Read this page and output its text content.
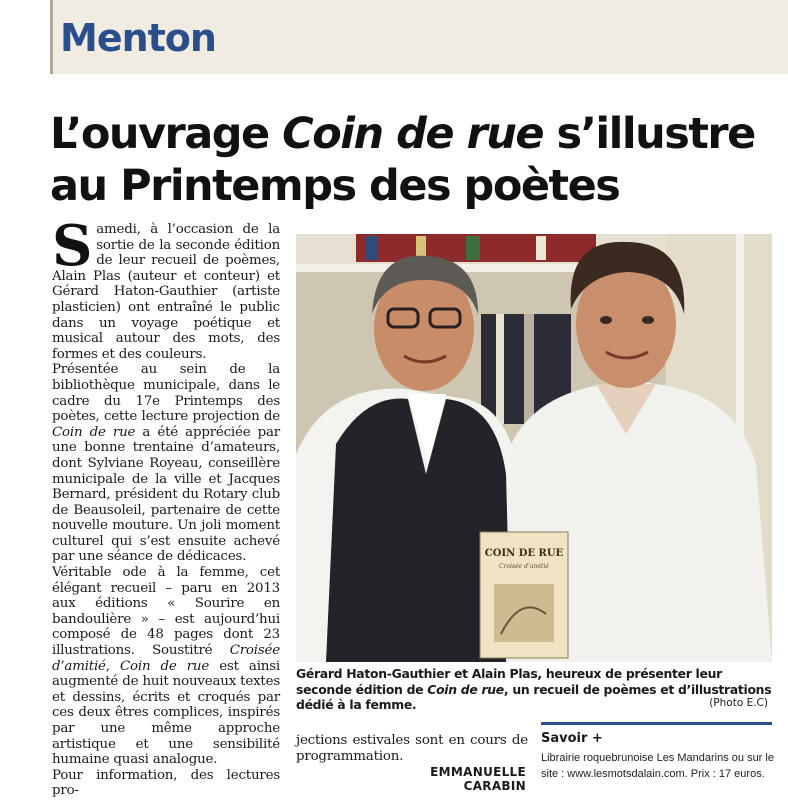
Menton
L’ouvrage Coin de rue s’illustre
au Printemps des poètes

Samedi, à l’occasion de la sortie de la seconde édition de leur recueil de poèmes, Alain Plas (auteur et conteur) et Gérard Haton-Gauthier (artiste plasticien) ont entraîné le public dans un voyage poétique et musical autour des mots, des formes et des couleurs.

Présentée au sein de la bibliothèque municipale, dans le cadre du 17e Printemps des poètes, cette lecture projection de Coin de rue a été appréciée par une bonne trentaine d’amateurs, dont Sylviane Royeau, conseillère municipale de la ville et Jacques Bernard, président du Rotary club de Beausoleil, partenaire de cette nouvelle mouture. Un joli moment culturel qui s’est ensuite achevé par une séance de dédicaces.

Véritable ode à la femme, cet élégant recueil – paru en 2013 aux éditions « Sourire en bandoulière » – est aujourd’hui composé de 48 pages dont 23 illustrations. Soustitré Croisée d’amitié, Coin de rue est ainsi augmenté de huit nouveaux textes et dessins, écrits et croqués par ces deux êtres complices, inspirés par une même approche artistique et une sensibilité humaine quasi analogue.

Pour information, des lectures pro-

COIN DE RUE
Croisée d’amitié
Gérard Haton-Gauthier et Alain Plas, heureux de présenter leur seconde édition de Coin de rue, un recueil de poèmes et d’illustrations dédié à la femme.	(Photo E.C)

jections estivales sont en cours de programmation.

EMMANUELLE CARABIN
Savoir +
Librairie roquebrunoise Les Mandarins ou sur le site : www.lesmotsdalain.com. Prix : 17 euros.
